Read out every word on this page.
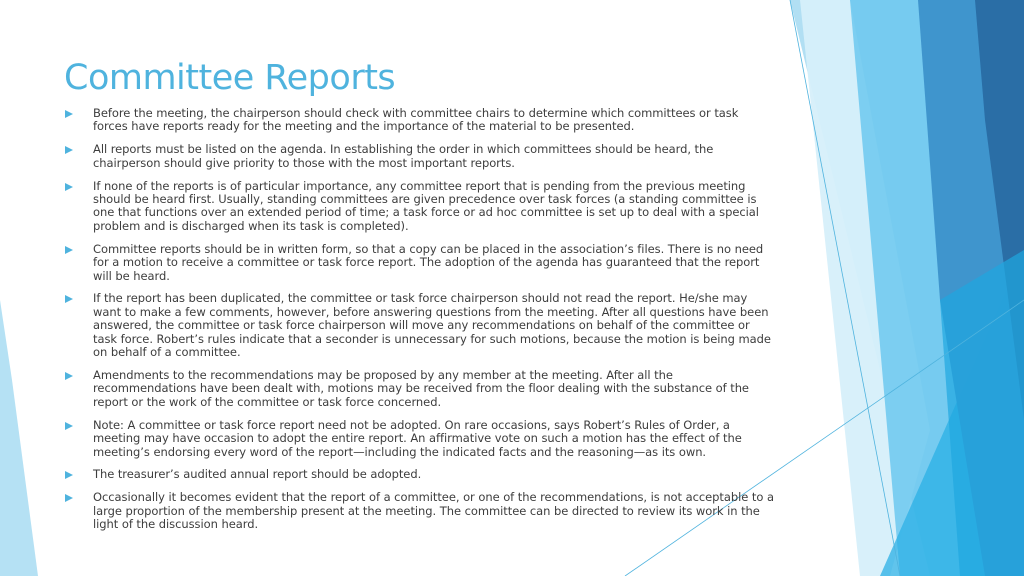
Committee Reports
Before the meeting, the chairperson should check with committee chairs to determine which committees or task forces have reports ready for the meeting and the importance of the material to be presented.
All reports must be listed on the agenda. In establishing the order in which committees should be heard, the chairperson should give priority to those with the most important reports.
If none of the reports is of particular importance, any committee report that is pending from the previous meeting should be heard first. Usually, standing committees are given precedence over task forces (a standing committee is one that functions over an extended period of time; a task force or ad hoc committee is set up to deal with a special problem and is discharged when its task is completed).
Committee reports should be in written form, so that a copy can be placed in the association’s files. There is no need for a motion to receive a committee or task force report. The adoption of the agenda has guaranteed that the report will be heard.
If the report has been duplicated, the committee or task force chairperson should not read the report. He/she may want to make a few comments, however, before answering questions from the meeting. After all questions have been answered, the committee or task force chairperson will move any recommendations on behalf of the committee or task force. Robert’s rules indicate that a seconder is unnecessary for such motions, because the motion is being made on behalf of a committee.
Amendments to the recommendations may be proposed by any member at the meeting. After all the recommendations have been dealt with, motions may be received from the floor dealing with the substance of the report or the work of the committee or task force concerned.
Note: A committee or task force report need not be adopted. On rare occasions, says Robert’s Rules of Order, a meeting may have occasion to adopt the entire report. An affirmative vote on such a motion has the effect of the meeting’s endorsing every word of the report—including the indicated facts and the reasoning—as its own.
The treasurer’s audited annual report should be adopted.
Occasionally it becomes evident that the report of a committee, or one of the recommendations, is not acceptable to a large proportion of the membership present at the meeting. The committee can be directed to review its work in the light of the discussion heard.
